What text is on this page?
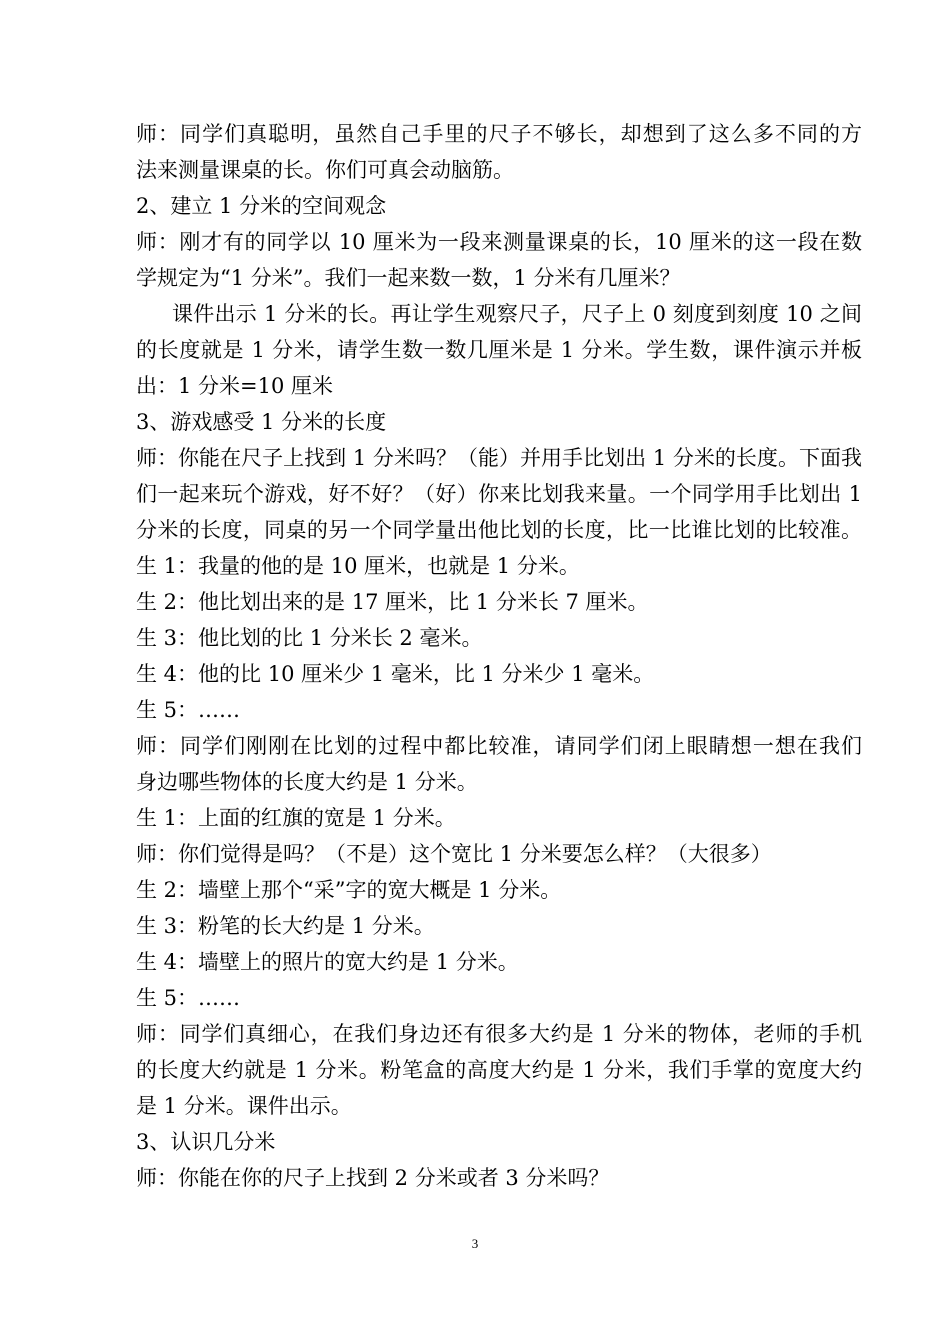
师：同学们真聪明，虽然自己手里的尺子不够长，却想到了这么多不同的方
法来测量课桌的长。你们可真会动脑筋。
2、建立 1 分米的空间观念
师：刚才有的同学以 10 厘米为一段来测量课桌的长，10 厘米的这一段在数
学规定为“1 分米”。我们一起来数一数，1 分米有几厘米？
课件出示 1 分米的长。再让学生观察尺子，尺子上 0 刻度到刻度 10 之间
的长度就是 1 分米，请学生数一数几厘米是 1 分米。学生数，课件演示并板
出：1 分米=10 厘米
3、游戏感受 1 分米的长度
师：你能在尺子上找到 1 分米吗？（能）并用手比划出 1 分米的长度。下面我
们一起来玩个游戏，好不好？（好）你来比划我来量。一个同学用手比划出 1
分米的长度，同桌的另一个同学量出他比划的长度，比一比谁比划的比较准。
生 1：我量的他的是 10 厘米，也就是 1 分米。
生 2：他比划出来的是 17 厘米，比 1 分米长 7 厘米。
生 3：他比划的比 1 分米长 2 毫米。
生 4：他的比 10 厘米少 1 毫米，比 1 分米少 1 毫米。
生 5：……
师：同学们刚刚在比划的过程中都比较准，请同学们闭上眼睛想一想在我们
身边哪些物体的长度大约是 1 分米。
生 1：上面的红旗的宽是 1 分米。
师：你们觉得是吗？（不是）这个宽比 1 分米要怎么样？（大很多）
生 2：墙壁上那个“采”字的宽大概是 1 分米。
生 3：粉笔的长大约是 1 分米。
生 4：墙壁上的照片的宽大约是 1 分米。
生 5：……
师：同学们真细心，在我们身边还有很多大约是 1 分米的物体，老师的手机
的长度大约就是 1 分米。粉笔盒的高度大约是 1 分米，我们手掌的宽度大约
是 1 分米。课件出示。
3、认识几分米
师：你能在你的尺子上找到 2 分米或者 3 分米吗？
3
